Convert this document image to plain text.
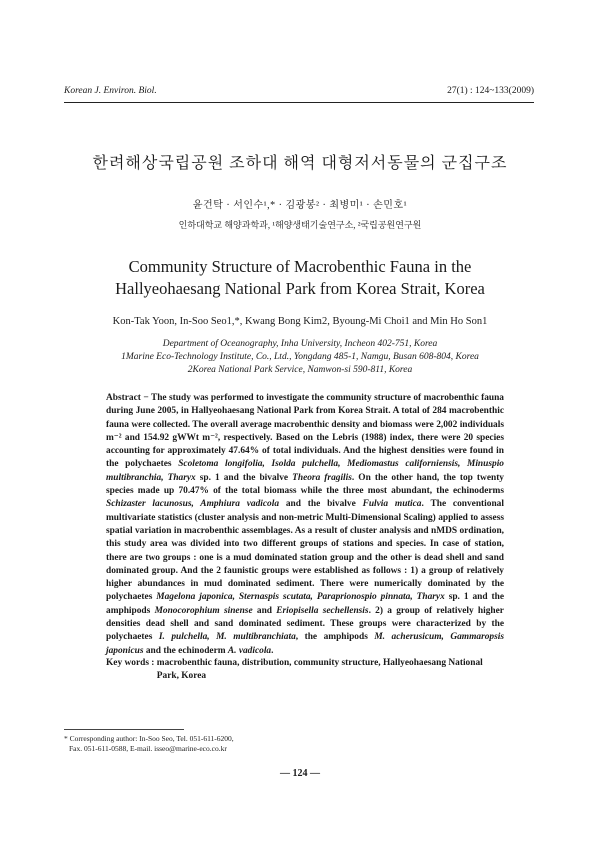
Korean J. Environ. Biol.	27(1) : 124~133(2009)
한려해상국립공원 조하대 해역 대형저서동물의 군집구조
윤건탁 · 서인수¹,* · 김광봉² · 최병미¹ · 손민호¹
인하대학교 해양과학과, ¹해양생태기술연구소, ²국립공원연구원
Community Structure of Macrobenthic Fauna in the
Hallyeohaesang National Park from Korea Strait, Korea
Kon-Tak Yoon, In-Soo Seo1,*, Kwang Bong Kim2, Byoung-Mi Choi1 and Min Ho Son1
Department of Oceanography, Inha University, Incheon 402-751, Korea
1Marine Eco-Technology Institute, Co., Ltd., Yongdang 485-1, Namgu, Busan 608-804, Korea
2Korea National Park Service, Namwon-si 590-811, Korea
Abstract − The study was performed to investigate the community structure of macrobenthic fauna during June 2005, in Hallyeohaesang National Park from Korea Strait. A total of 284 macrobenthic fauna were collected. The overall average macrobenthic density and biomass were 2,002 individuals m⁻² and 154.92 gWWt m⁻², respectively. Based on the Lebris (1988) index, there were 20 species accounting for approximately 47.64% of total individuals. And the highest densities were found in the polychaetes Scoletoma longifolia, Isolda pulchella, Mediomastus californiensis, Minuspio multibranchia, Tharyx sp. 1 and the bivalve Theora fragilis. On the other hand, the top twenty species made up 70.47% of the total biomass while the three most abundant, the echinoderms Schizaster lacunosus, Amphiura vadicola and the bivalve Fulvia mutica. The conventional multivariate statistics (cluster analysis and non-metric Multi-Dimensional Scaling) applied to assess spatial variation in macrobenthic assemblages. As a result of cluster analysis and nMDS ordination, this study area was divided into two different groups of stations and species. In case of station, there are two groups : one is a mud dominated station group and the other is dead shell and sand dominated group. And the 2 faunistic groups were established as follows : 1) a group of relatively higher abundances in mud dominated sediment. There were numerically dominated by the polychaetes Magelona japonica, Sternaspis scutata, Paraprionospio pinnata, Tharyx sp. 1 and the amphipods Monocorophium sinense and Eriopisella sechellensis. 2) a group of relatively higher densities dead shell and sand dominated sediment. These groups were characterized by the polychaetes I. pulchella, M. multibranchiata, the amphipods M. acherusicum, Gammaropsis japonicus and the echinoderm A. vadicola.
Key words : macrobenthic fauna, distribution, community structure, Hallyeohaesang National Park, Korea
* Corresponding author: In-Soo Seo, Tel. 051-611-6200,
Fax. 051-611-0588, E-mail. isseo@marine-eco.co.kr
— 124 —
